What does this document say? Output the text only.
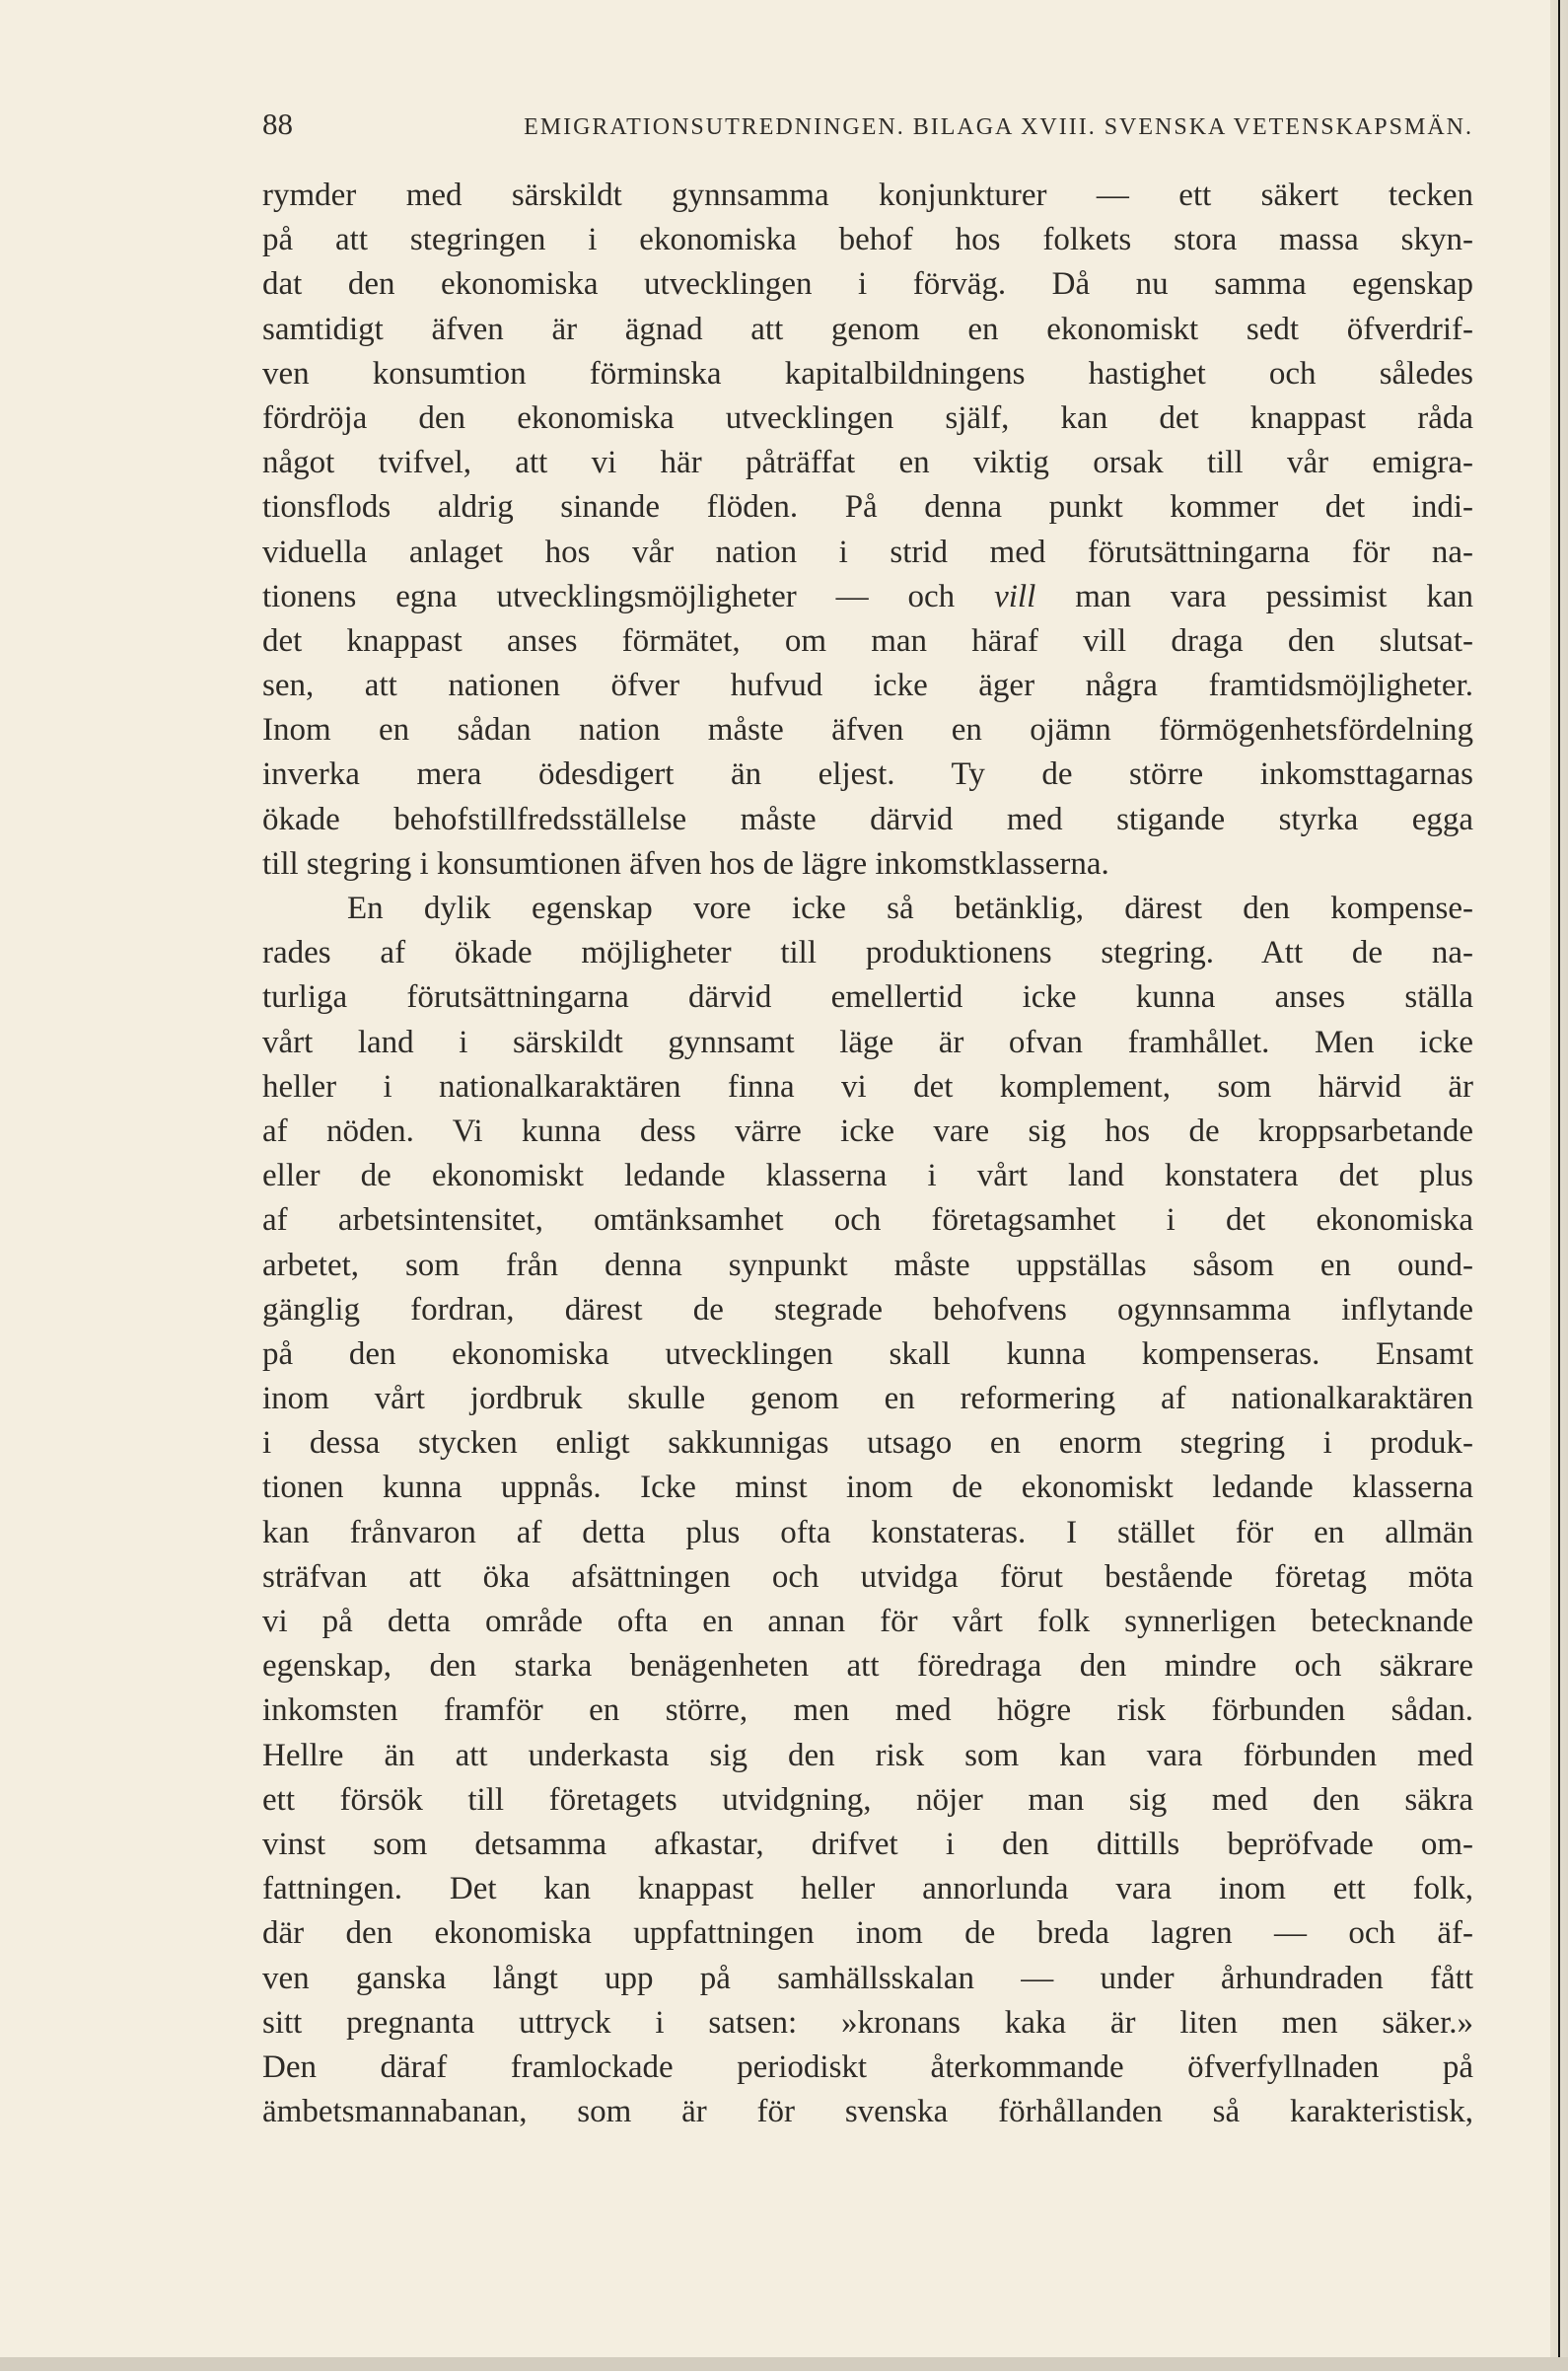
88	EMIGRATIONSUTREDNINGEN. BILAGA XVIII. SVENSKA VETENSKAPSMÄN.
rymder med särskildt gynnsamma konjunkturer — ett säkert tecken
på att stegringen i ekonomiska behof hos folkets stora massa skyn-
dat den ekonomiska utvecklingen i förväg. Då nu samma egenskap
samtidigt äfven är ägnad att genom en ekonomiskt sedt öfverdrif-
ven konsumtion förminska kapitalbildningens hastighet och således
fördröja den ekonomiska utvecklingen själf, kan det knappast råda
något tvifvel, att vi här påträffat en viktig orsak till vår emigra-
tionsflods aldrig sinande flöden. På denna punkt kommer det indi-
viduella anlaget hos vår nation i strid med förutsättningarna för na-
tionens egna utvecklingsmöjligheter — och vill man vara pessimist kan
det knappast anses förmätet, om man häraf vill draga den slutsat-
sen, att nationen öfver hufvud icke äger några framtidsmöjligheter.
Inom en sådan nation måste äfven en ojämn förmögenhetsfördelning
inverka mera ödesdigert än eljest. Ty de större inkomsttagarnas
ökade behofstillfredsställelse måste därvid med stigande styrka egga
till stegring i konsumtionen äfven hos de lägre inkomstklasserna.
En dylik egenskap vore icke så betänklig, därest den kompense-
rades af ökade möjligheter till produktionens stegring. Att de na-
turliga förutsättningarna därvid emellertid icke kunna anses ställa
vårt land i särskildt gynnsamt läge är ofvan framhållet. Men icke
heller i nationalkaraktären finna vi det komplement, som härvid är
af nöden. Vi kunna dess värre icke vare sig hos de kroppsarbetande
eller de ekonomiskt ledande klasserna i vårt land konstatera det plus
af arbetsintensitet, omtänksamhet och företagsamhet i det ekonomiska
arbetet, som från denna synpunkt måste uppställas såsom en ound-
gänglig fordran, därest de stegrade behofvens ogynnsamma inflytande
på den ekonomiska utvecklingen skall kunna kompenseras. Ensamt
inom vårt jordbruk skulle genom en reformering af nationalkaraktären
i dessa stycken enligt sakkunnigas utsago en enorm stegring i produk-
tionen kunna uppnås. Icke minst inom de ekonomiskt ledande klasserna
kan frånvaron af detta plus ofta konstateras. I stället för en allmän
sträfvan att öka afsättningen och utvidga förut bestående företag möta
vi på detta område ofta en annan för vårt folk synnerligen betecknande
egenskap, den starka benägenheten att föredraga den mindre och säkrare
inkomsten framför en större, men med högre risk förbunden sådan.
Hellre än att underkasta sig den risk som kan vara förbunden med
ett försök till företagets utvidgning, nöjer man sig med den säkra
vinst som detsamma afkastar, drifvet i den dittills bepröfvade om-
fattningen. Det kan knappast heller annorlunda vara inom ett folk,
där den ekonomiska uppfattningen inom de breda lagren — och äf-
ven ganska långt upp på samhällsskalan — under århundraden fått
sitt pregnanta uttryck i satsen: »kronans kaka är liten men säker.»
Den däraf framlockade periodiskt återkommande öfverfyllnaden på
ämbetsmannabanan, som är för svenska förhållanden så karakteristisk,
